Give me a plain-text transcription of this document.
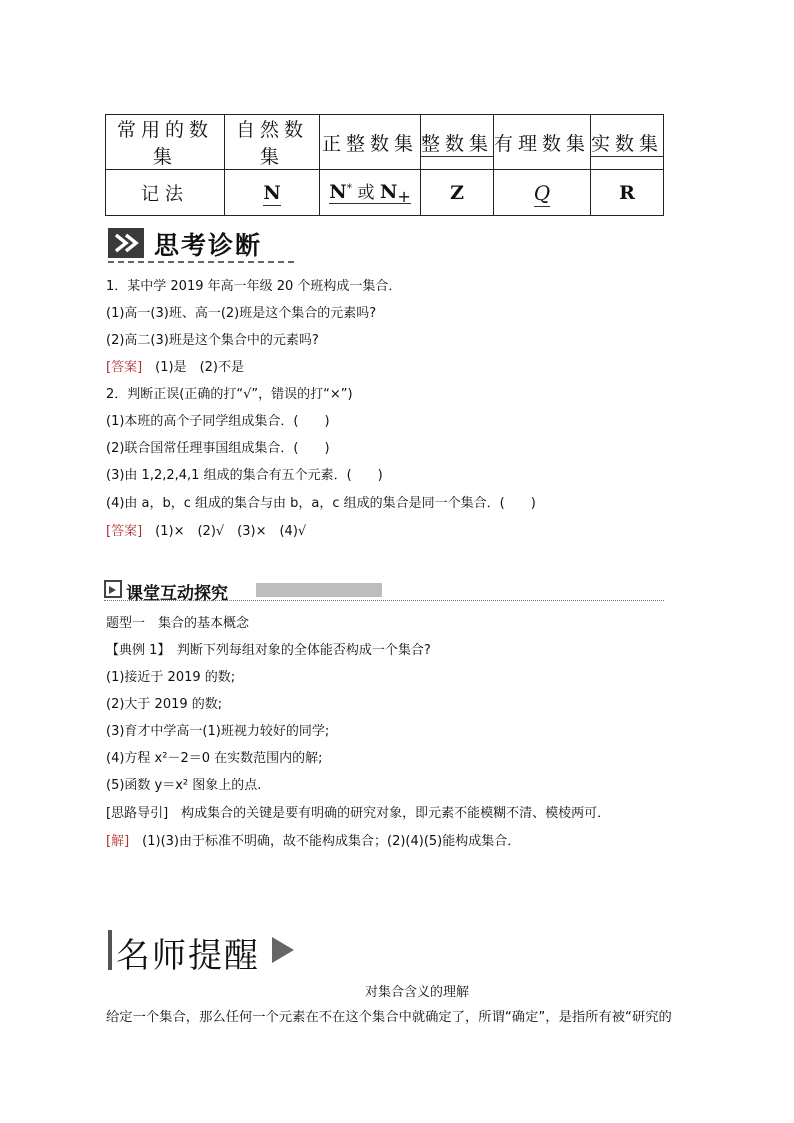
常用的数集	自然数集	正整数集	整数集	有理数集	实数集
记法	N	N* 或 $N_+$	Z	Q	R
思考诊断
1．某中学 2019 年高一年级 20 个班构成一集合．
(1)高一(3)班、高一(2)班是这个集合的元素吗?
(2)高二(3)班是这个集合中的元素吗?
[答案]　 (1)是　(2)不是
2．判断正误(正确的打“√”，错误的打“×”)
(1)本班的高个子同学组成集合．(　　)
(2)联合国常任理事国组成集合．(　　)
(3)由 1,2,2,4,1 组成的集合有五个元素．(　　)
(4)由 a，b，c 组成的集合与由 b，a，c 组成的集合是同一个集合．(　　)
[答案]　 (1)×　(2)√　(3)×　(4)√
课堂互动探究
题型一　集合的基本概念
【典例 1】　判断下列每组对象的全体能否构成一个集合?
(1)接近于 2019 的数;
(2)大于 2019 的数;
(3)育才中学高一(1)班视力较好的同学;
(4)方程 x²－2＝0 在实数范围内的解;
(5)函数 y＝x² 图象上的点.
[思路导引]　构成集合的关键是要有明确的研究对象，即元素不能模糊不清、模棱两可．
[解]　 (1)(3)由于标准不明确，故不能构成集合；(2)(4)(5)能构成集合．
名师提醒
对集合含义的理解
给定一个集合，那么任何一个元素在不在这个集合中就确定了，所谓“确定”，是指所有被“研究的
